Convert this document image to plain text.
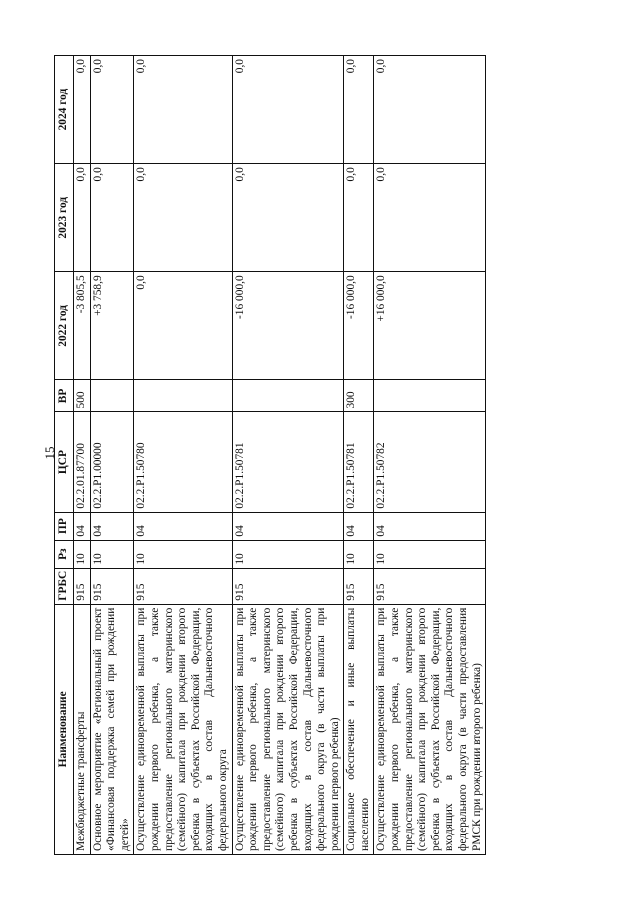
15
Наименование	ГРБС	Рз	ПР	ЦСР	ВР	2022 год	2023 год	2024 год
Межбюджетные трансферты	915	10	04	02.2.01.87700	500	-3 805,5	0,0	0,0
Основное мероприятие «Региональный проект «Финансовая поддержка семей при рождении детей»	915	10	04	02.2.P1.00000		+3 758,9	0,0	0,0
Осуществление единовременной выплаты при рождении первого ребенка, а также предоставление регионального материнского (семейного) капитала при рождении второго ребенка в субъектах Российской Федерации, входящих в состав Дальневосточного федерального округа	915	10	04	02.2.P1.50780		0,0	0,0	0,0
Осуществление единовременной выплаты при рождении первого ребенка, а также предоставление регионального материнского (семейного) капитала при рождении второго ребенка в субъектах Российской Федерации, входящих в состав Дальневосточного федерального округа (в части выплаты при рождении первого ребенка)	915	10	04	02.2.P1.50781		-16 000,0	0,0	0,0
Социальное обеспечение и иные выплаты населению	915	10	04	02.2.P1.50781	300	-16 000,0	0,0	0,0
Осуществление единовременной выплаты при рождении первого ребенка, а также предоставление регионального материнского (семейного) капитала при рождении второго ребенка в субъектах Российской Федерации, входящих в состав Дальневосточного федерального округа (в части предоставления РМСК при рождении второго ребенка)	915	10	04	02.2.P1.50782		+16 000,0	0,0	0,0
